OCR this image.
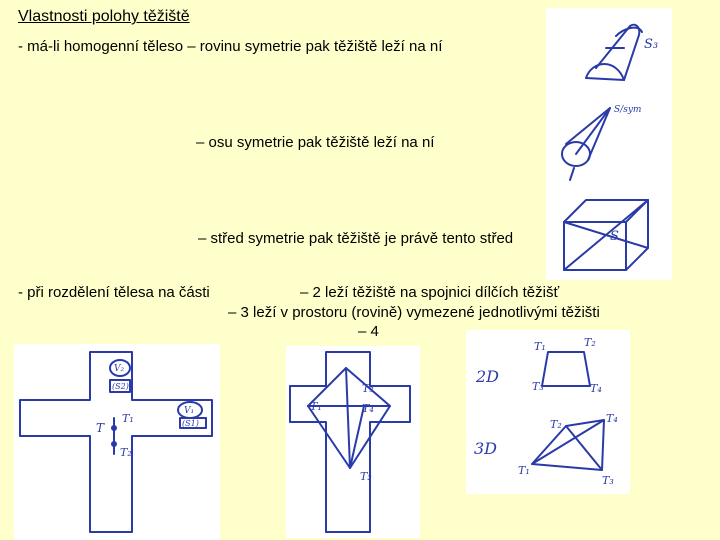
Vlastnosti polohy těžiště
- má-li homogenní těleso – rovinu symetrie pak těžiště leží na ní
– osu symetrie pak těžiště leží na ní
– střed symetrie pak těžiště je právě tento střed
- při rozdělení tělesa na části	– 2 leží těžiště na spojnici dílčích těžišť
– 3 leží v prostoru (rovině) vymezené jednotlivými těžišti
– 4
S₃
S/sym
S
V₂
(S2)
V₁
(S1)
T
T₁
T₂
T₁	T₄
T₃
T₂
2D
T₁	T₂
T₃	T₄
3D
T₁
T₂
T₃
T₄
